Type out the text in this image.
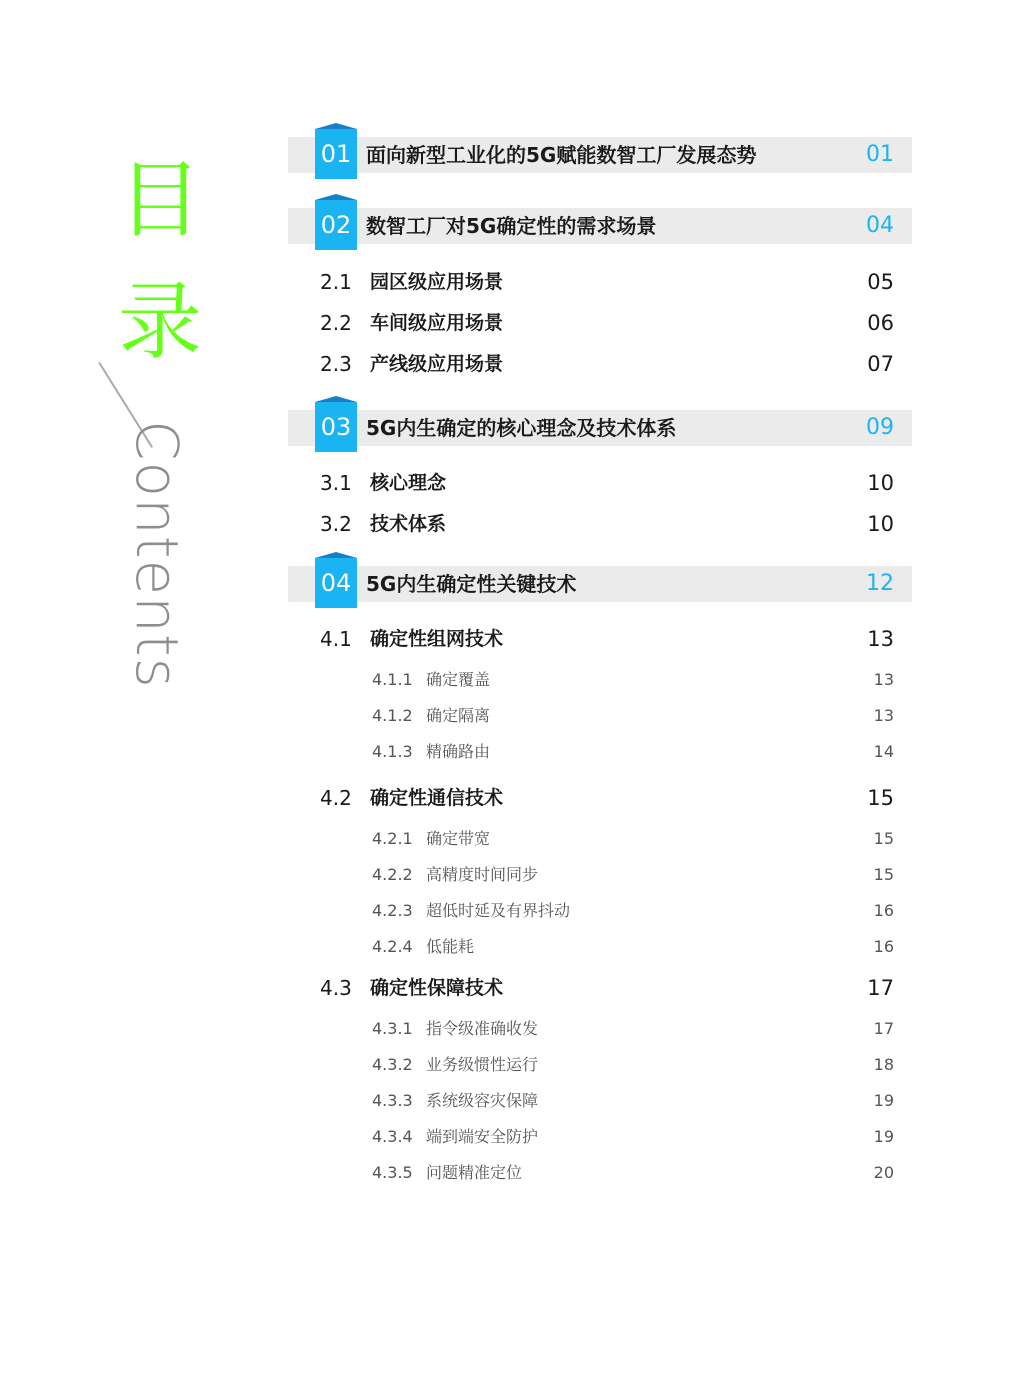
目
录
Contents
01 面向新型工业化的5G赋能数智工厂发展态势	01
02 数智工厂对5G确定性的需求场景	04
2.1 园区级应用场景	05
2.2 车间级应用场景	06
2.3 产线级应用场景	07
03 5G内生确定的核心理念及技术体系	09
3.1 核心理念	10
3.2 技术体系	10
04 5G内生确定性关键技术	12
4.1 确定性组网技术	13
4.1.1 确定覆盖	13
4.1.2 确定隔离	13
4.1.3 精确路由	14
4.2 确定性通信技术	15
4.2.1 确定带宽	15
4.2.2 高精度时间同步	15
4.2.3 超低时延及有界抖动	16
4.2.4 低能耗	16
4.3 确定性保障技术	17
4.3.1 指令级准确收发	17
4.3.2 业务级惯性运行	18
4.3.3 系统级容灾保障	19
4.3.4 端到端安全防护	19
4.3.5 问题精准定位	20
